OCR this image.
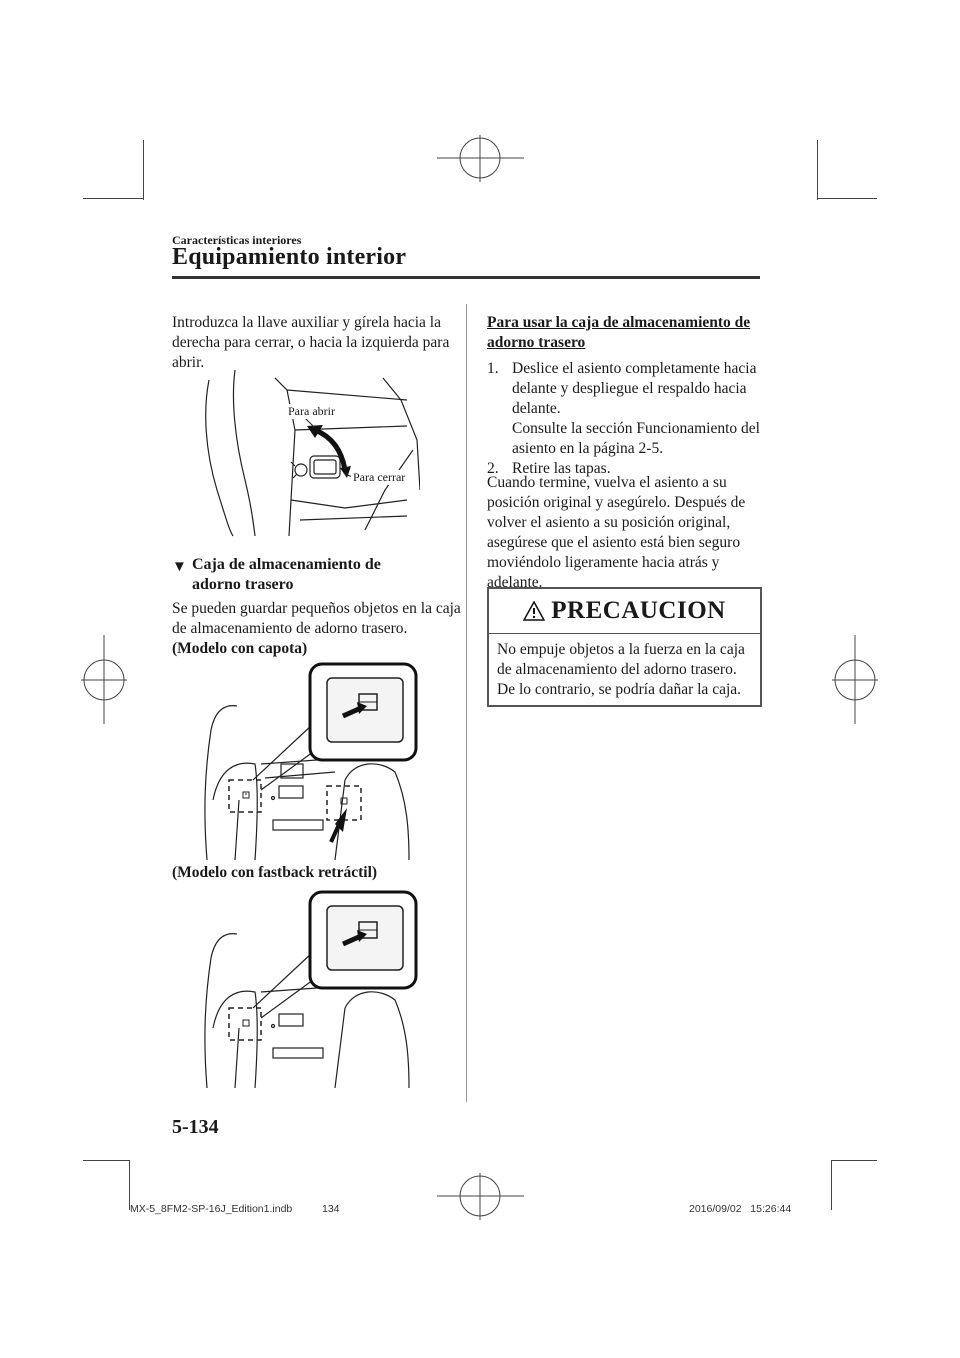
Características interiores
Equipamiento interior
Introduzca la llave auxiliar y gírela hacia la derecha para cerrar, o hacia la izquierda para abrir.
Para abrir
Para cerrar
▼ Caja de almacenamiento de
adorno trasero
Se pueden guardar pequeños objetos en la caja de almacenamiento de adorno trasero.
(Modelo con capota)
(Modelo con fastback retráctil)
Para usar la caja de almacenamiento de adorno trasero
1. Deslice el asiento completamente hacia delante y despliegue el respaldo hacia delante.
Consulte la sección Funcionamiento del asiento en la página 2-5.
2. Retire las tapas.
Cuando termine, vuelva el asiento a su posición original y asegúrelo. Después de volver el asiento a su posición original, asegúrese que el asiento está bien seguro moviéndolo ligeramente hacia atrás y adelante.
PRECAUCION
No empuje objetos a la fuerza en la caja de almacenamiento del adorno trasero. De lo contrario, se podría dañar la caja.
5-134
MX-5_8FM2-SP-16J_Edition1.indb	134	2016/09/02   15:26:44
